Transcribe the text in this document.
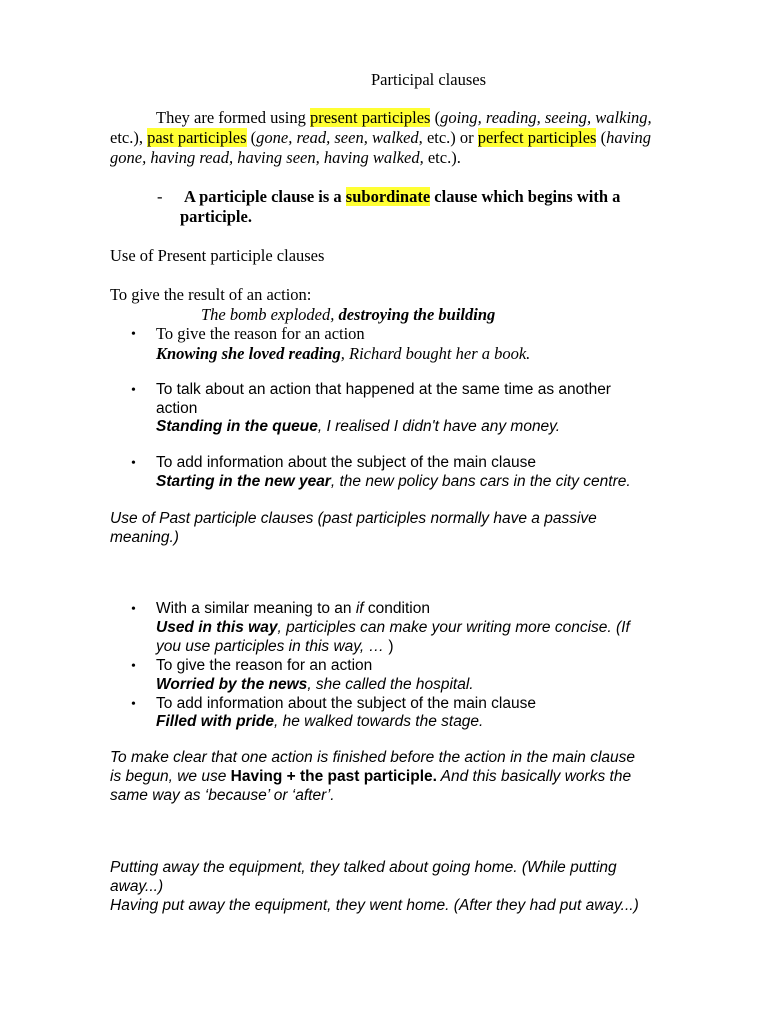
Participal clauses
They are formed using present participles (going, reading, seeing, walking,
etc.), past participles (gone, read, seen, walked, etc.) or perfect participles (having
gone, having read, having seen, having walked, etc.).
- A participle clause is a subordinate clause which begins with a
participle.
Use of Present participle clauses
To give the result of an action:
The bomb exploded, destroying the building
• To give the reason for an action
Knowing she loved reading, Richard bought her a book.
• To talk about an action that happened at the same time as another
action
Standing in the queue, I realised I didn't have any money.
• To add information about the subject of the main clause
Starting in the new year, the new policy bans cars in the city centre.
Use of Past participle clauses (past participles normally have a passive
meaning.)
• With a similar meaning to an if condition
Used in this way, participles can make your writing more concise. (If
you use participles in this way, … )
• To give the reason for an action
Worried by the news, she called the hospital.
• To add information about the subject of the main clause
Filled with pride, he walked towards the stage.
To make clear that one action is finished before the action in the main clause
is begun, we use Having + the past participle. And this basically works the
same way as ‘because’ or ‘after’.
Putting away the equipment, they talked about going home. (While putting
away...)
Having put away the equipment, they went home. (After they had put away...)
